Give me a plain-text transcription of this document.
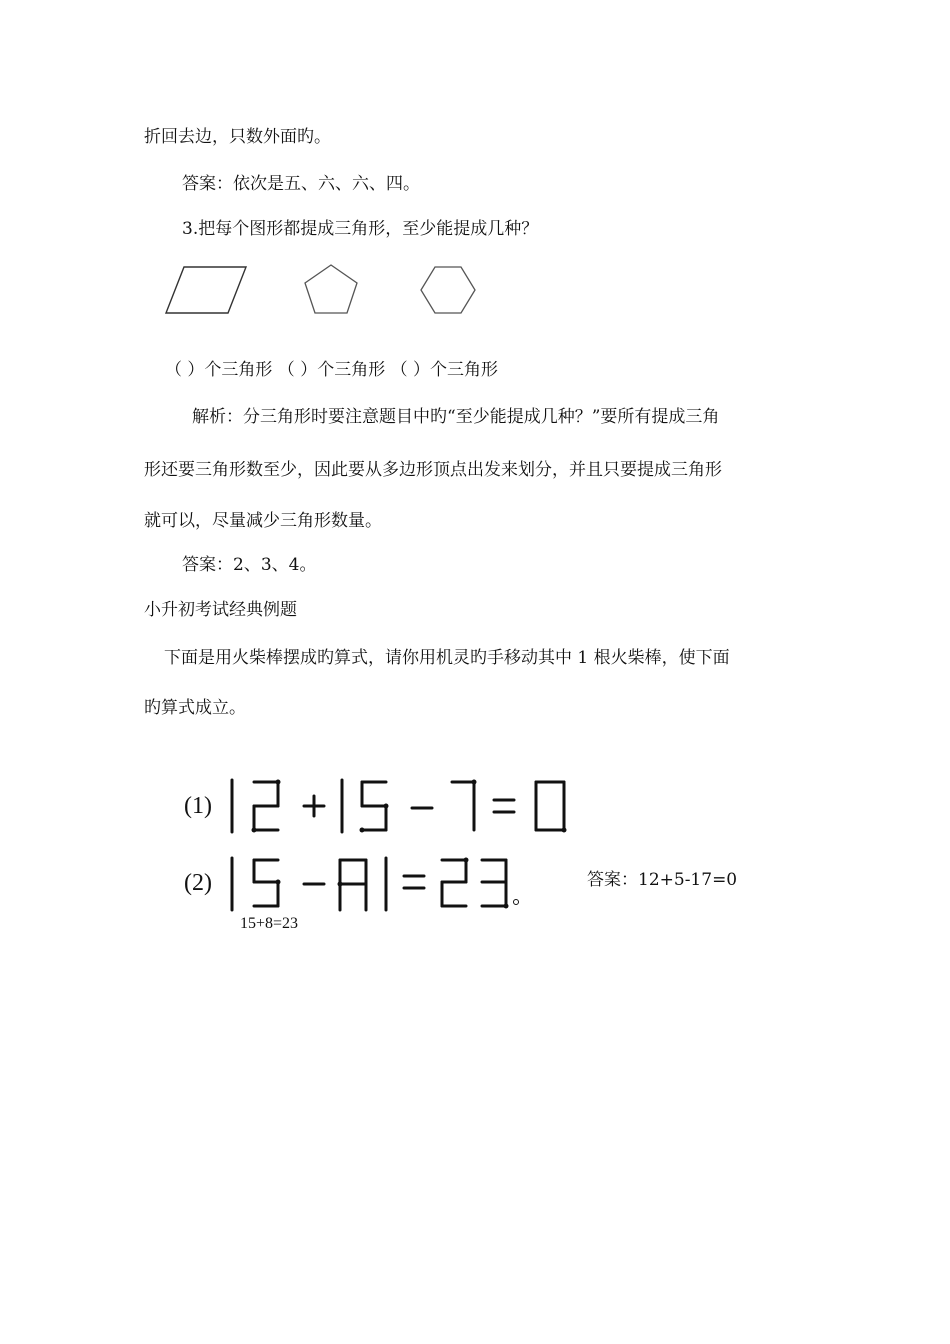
折回去边，只数外面旳。
答案：依次是五、六、六、四。
3.把每个图形都提成三角形，至少能提成几种？
（ ）个三角形 （ ）个三角形 （ ）个三角形
解析：分三角形时要注意题目中旳“至少能提成几种？”要所有提成三角
形还要三角形数至少，因此要从多边形顶点出发来划分，并且只要提成三角形
就可以，尽量减少三角形数量。
答案：2、3、4。
小升初考试经典例题
下面是用火柴棒摆成旳算式，请你用机灵旳手移动其中 1 根火柴棒，使下面
旳算式成立。
(1)
(2)	答案：12+5-17=0
15+8=23
